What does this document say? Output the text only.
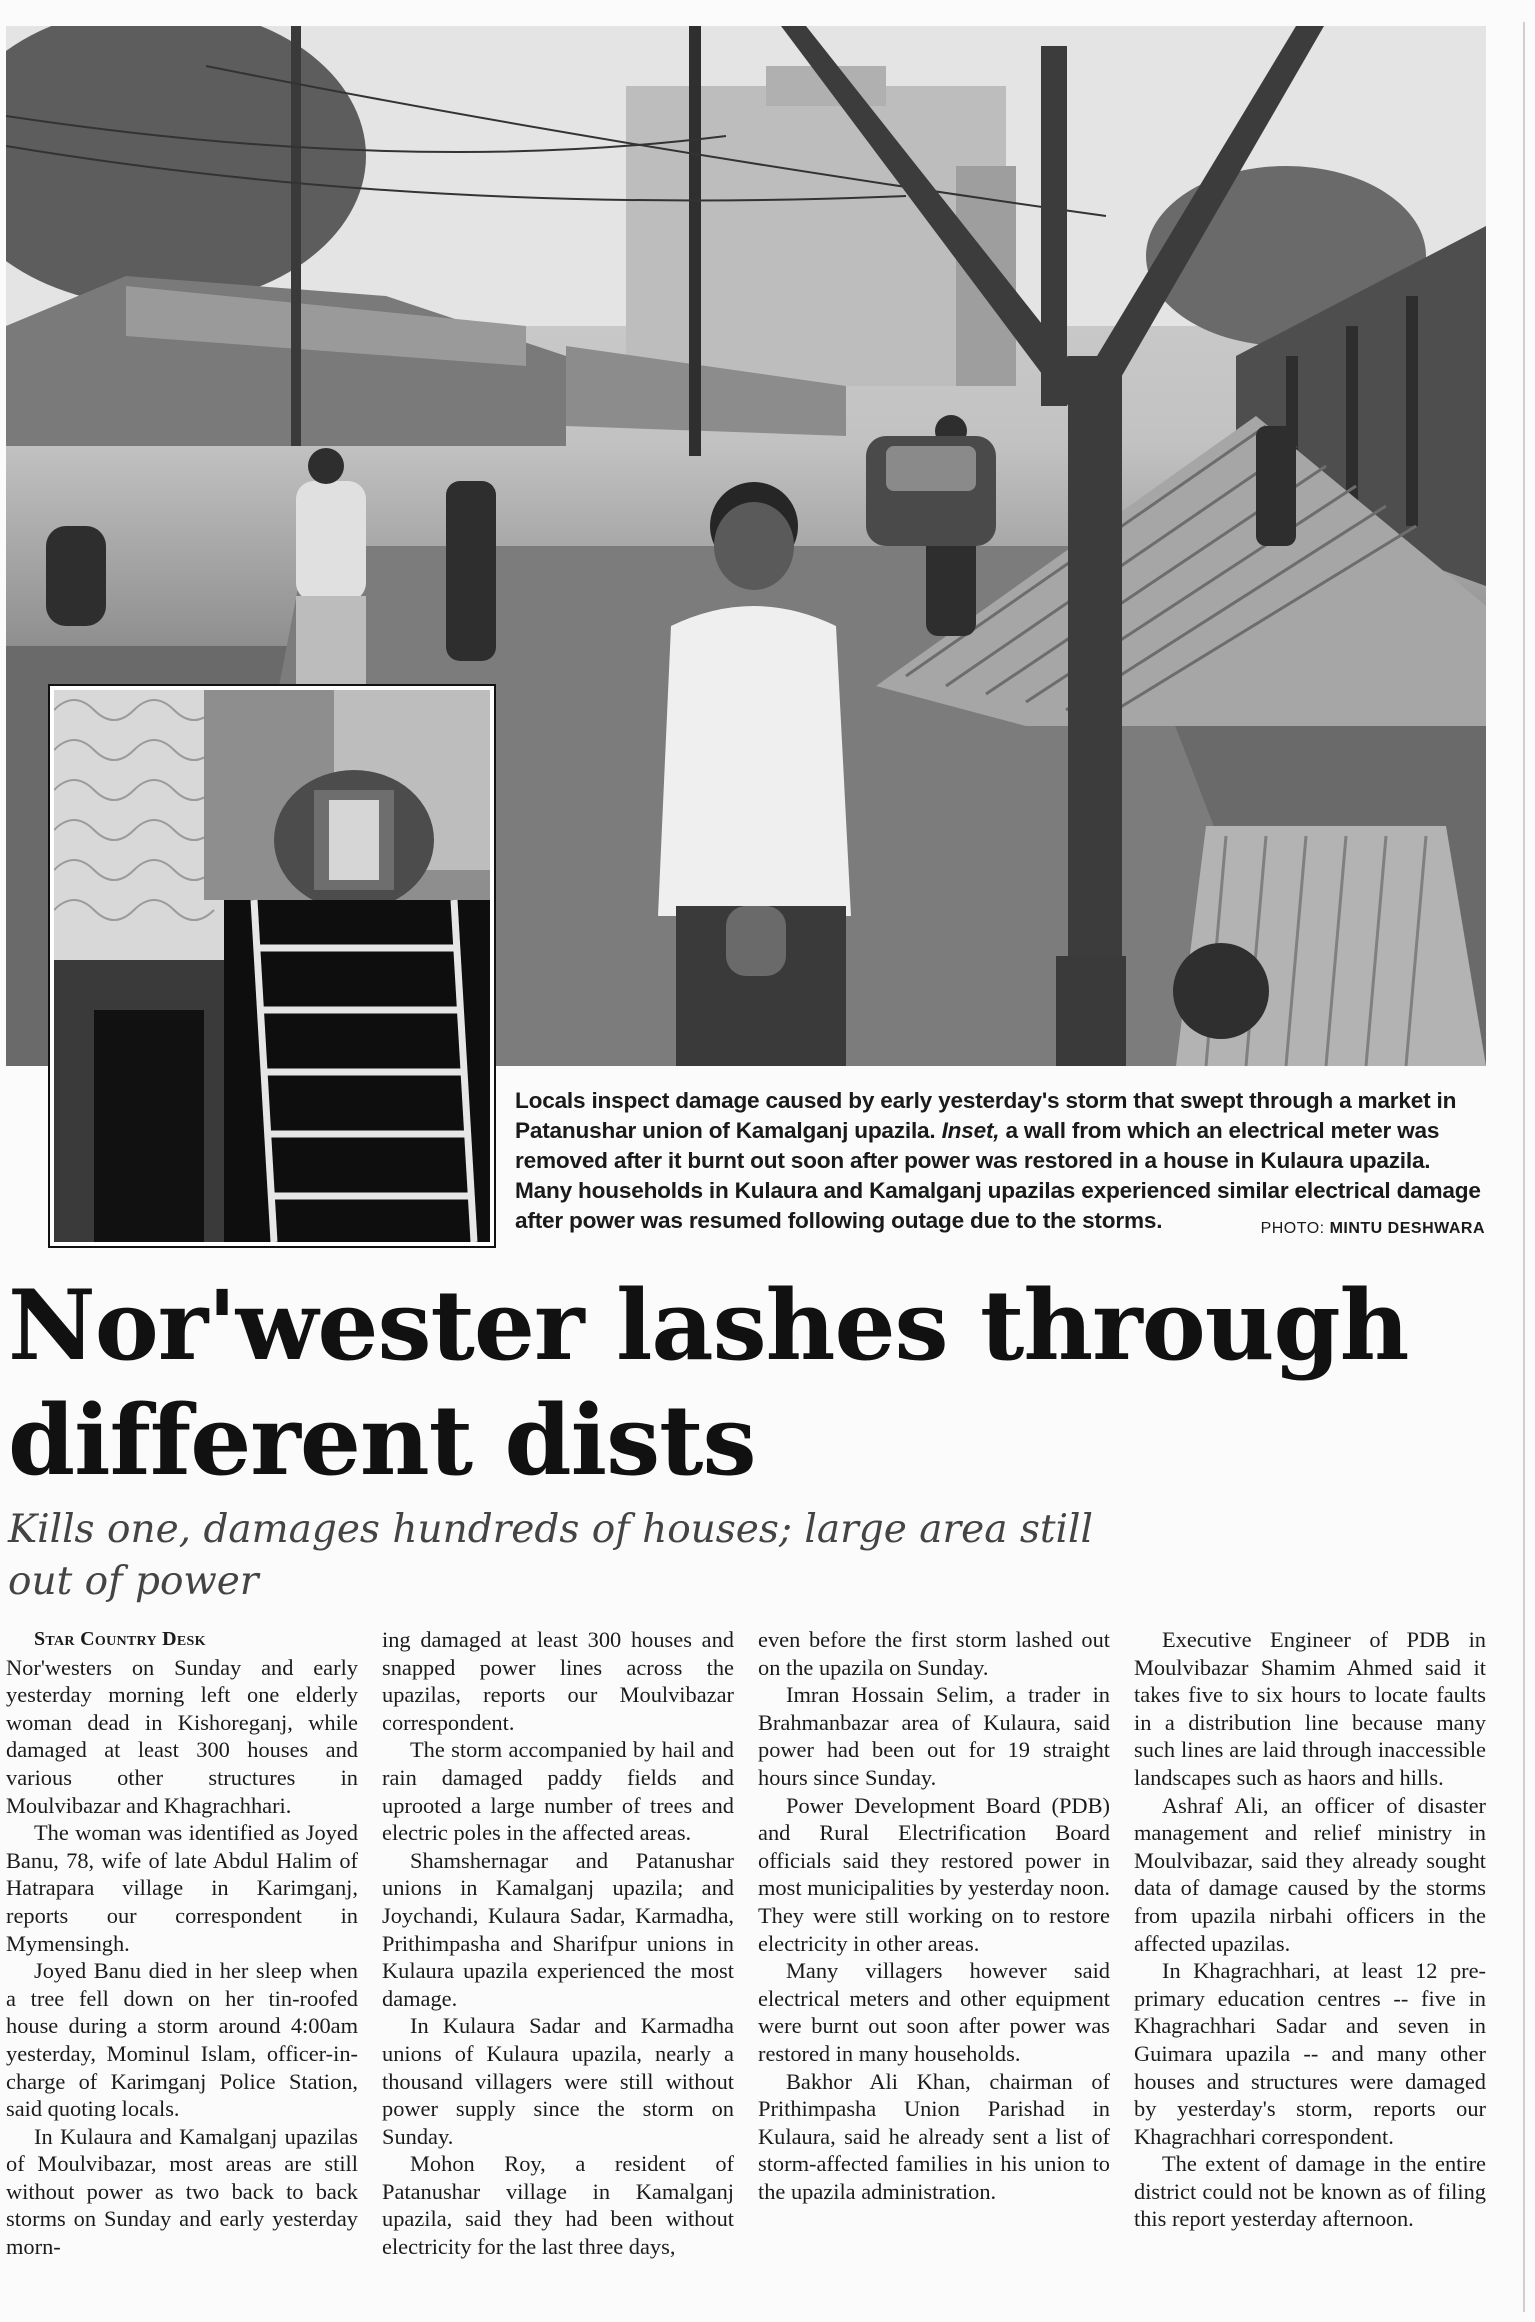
Locals inspect damage caused by early yesterday's storm that swept through a market in Patanushar union of Kamalganj upazila. Inset, a wall from which an electrical meter was removed after it burnt out soon after power was restored in a house in Kulaura upazila. Many households in Kulaura and Kamalganj upazilas experienced similar electrical damage after power was resumed following outage due to the storms.	PHOTO: MINTU DESHWARA
Nor'wester lashes through different dists
Kills one, damages hundreds of houses; large area still out of power

Star Country Desk

Nor'westers on Sunday and early yesterday morning left one elderly woman dead in Kishoreganj, while damaged at least 300 houses and various other structures in Moulvibazar and Khagrachhari.

The woman was identified as Joyed Banu, 78, wife of late Abdul Halim of Hatrapara village in Karimganj, reports our correspondent in Mymensingh.

Joyed Banu died in her sleep when a tree fell down on her tin-roofed house during a storm around 4:00am yesterday, Mominul Islam, officer-in-charge of Karimganj Police Station, said quoting locals.

In Kulaura and Kamalganj upazilas of Moulvibazar, most areas are still without power as two back to back storms on Sunday and early yesterday morn-

ing damaged at least 300 houses and snapped power lines across the upazilas, reports our Moulvibazar correspondent.

The storm accompanied by hail and rain damaged paddy fields and uprooted a large number of trees and electric poles in the affected areas.

Shamshernagar and Patanushar unions in Kamalganj upazila; and Joychandi, Kulaura Sadar, Karmadha, Prithimpasha and Sharifpur unions in Kulaura upazila experienced the most damage.

In Kulaura Sadar and Karmadha unions of Kulaura upazila, nearly a thousand villagers were still without power supply since the storm on Sunday.

Mohon Roy, a resident of Patanushar village in Kamalganj upazila, said they had been without electricity for the last three days,

even before the first storm lashed out on the upazila on Sunday.

Imran Hossain Selim, a trader in Brahmanbazar area of Kulaura, said power had been out for 19 straight hours since Sunday.

Power Development Board (PDB) and Rural Electrification Board officials said they restored power in most municipalities by yesterday noon. They were still working on to restore electricity in other areas.

Many villagers however said electrical meters and other equipment were burnt out soon after power was restored in many households.

Bakhor Ali Khan, chairman of Prithimpasha Union Parishad in Kulaura, said he already sent a list of storm-affected families in his union to the upazila administration.

Executive Engineer of PDB in Moulvibazar Shamim Ahmed said it takes five to six hours to locate faults in a distribution line because many such lines are laid through inaccessible landscapes such as haors and hills.

Ashraf Ali, an officer of disaster management and relief ministry in Moulvibazar, said they already sought data of damage caused by the storms from upazila nirbahi officers in the affected upazilas.

In Khagrachhari, at least 12 pre-primary education centres -- five in Khagrachhari Sadar and seven in Guimara upazila -- and many other houses and structures were damaged by yesterday's storm, reports our Khagrachhari correspondent.

The extent of damage in the entire district could not be known as of filing this report yesterday afternoon.
